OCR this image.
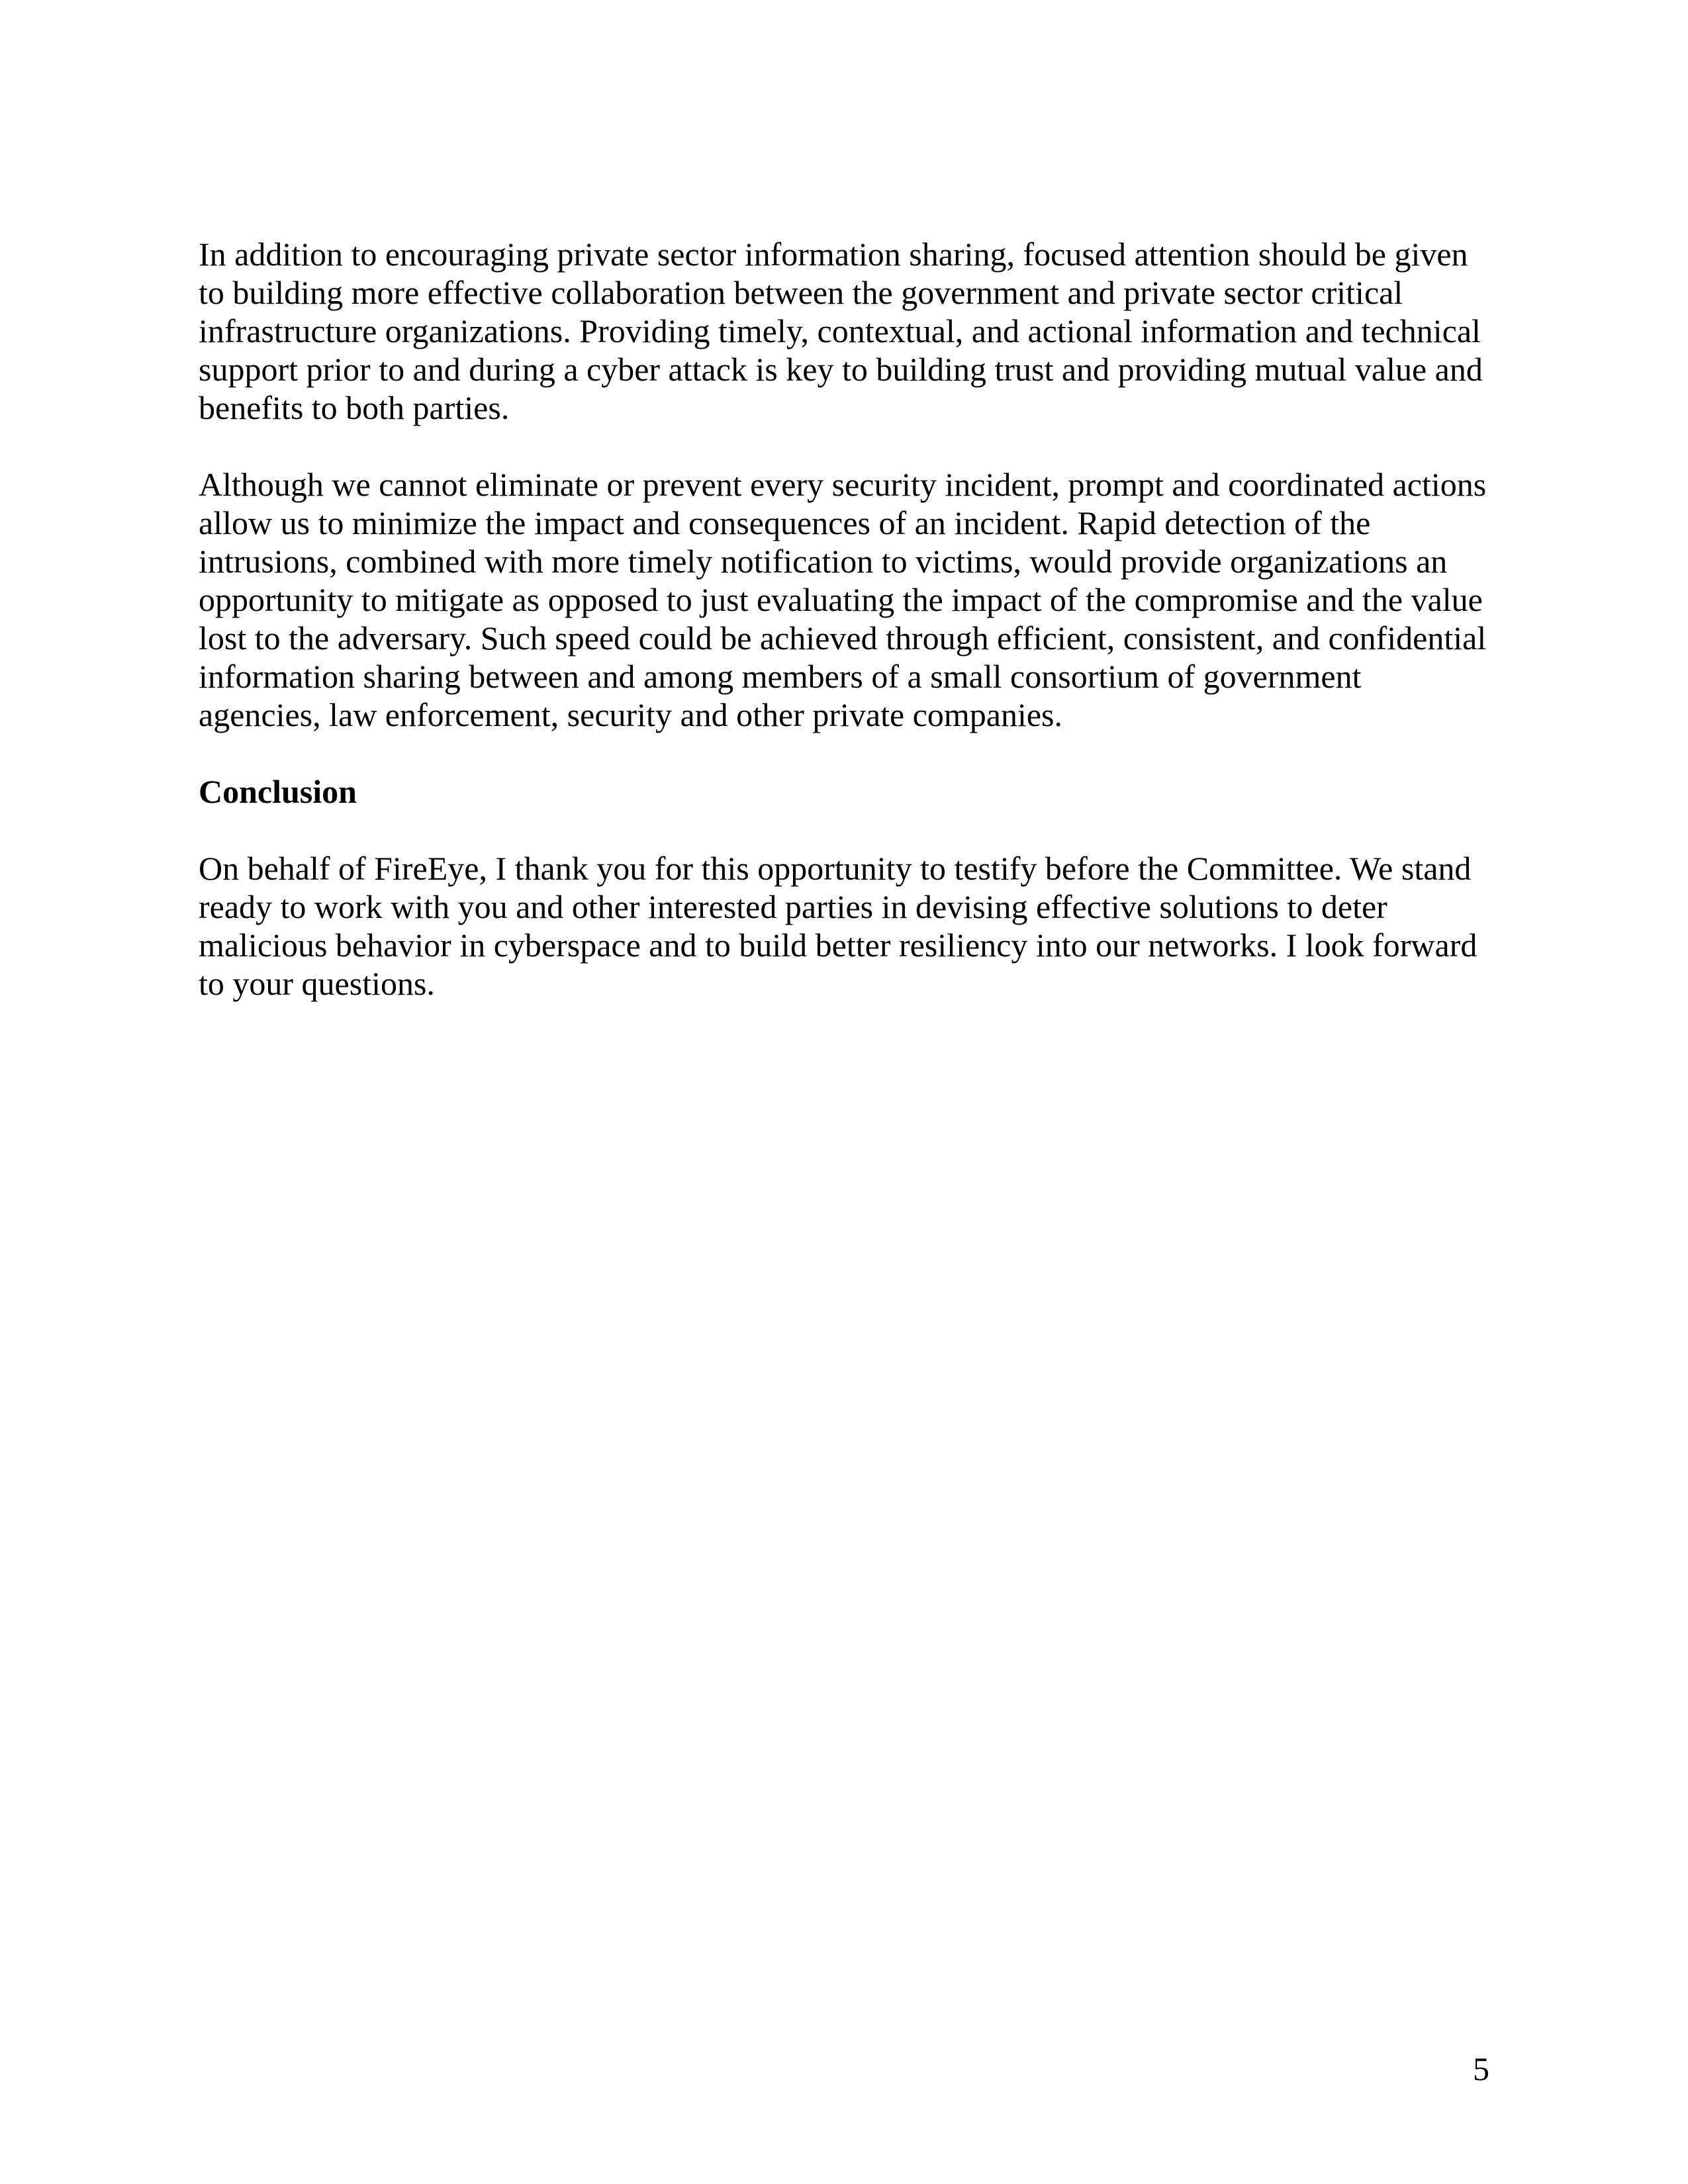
In addition to encouraging private sector information sharing, focused attention should be given
to building more effective collaboration between the government and private sector critical
infrastructure organizations. Providing timely, contextual, and actional information and technical
support prior to and during a cyber attack is key to building trust and providing mutual value and
benefits to both parties.
Although we cannot eliminate or prevent every security incident, prompt and coordinated actions
allow us to minimize the impact and consequences of an incident. Rapid detection of the
intrusions, combined with more timely notification to victims, would provide organizations an
opportunity to mitigate as opposed to just evaluating the impact of the compromise and the value
lost to the adversary. Such speed could be achieved through efficient, consistent, and confidential
information sharing between and among members of a small consortium of government
agencies, law enforcement, security and other private companies.
Conclusion
On behalf of FireEye, I thank you for this opportunity to testify before the Committee. We stand
ready to work with you and other interested parties in devising effective solutions to deter
malicious behavior in cyberspace and to build better resiliency into our networks. I look forward
to your questions.
5
